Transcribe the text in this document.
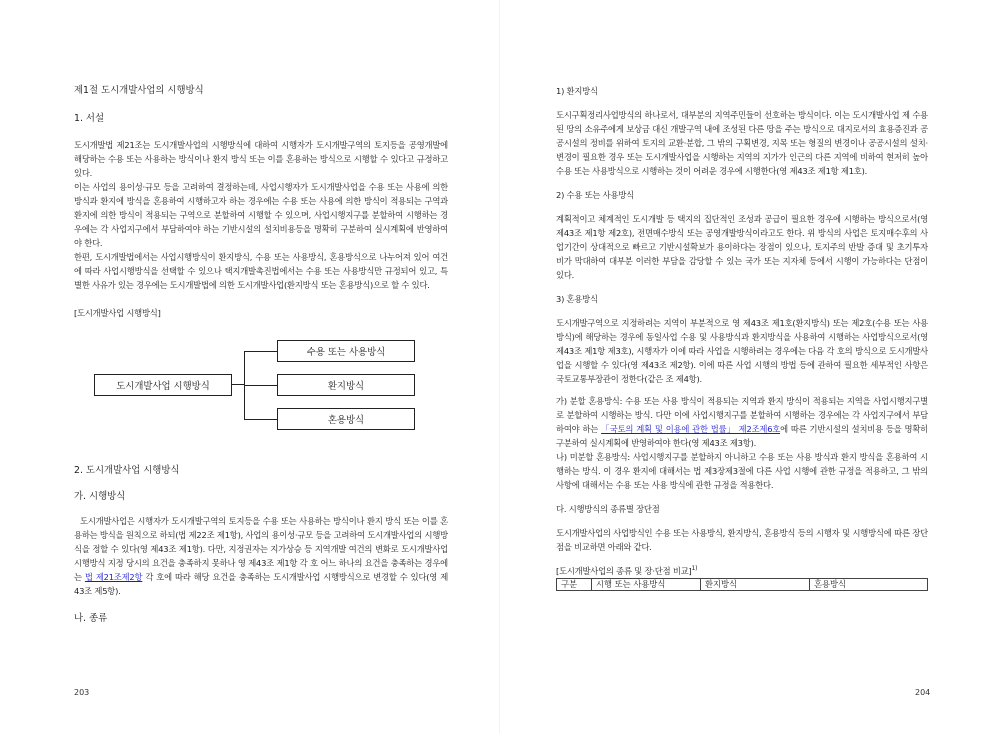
제1절 도시개발사업의 시행방식

1. 서설

도시개발법 제21조는 도시개발사업의 시행방식에 대하여 시행자가 도시개발구역의 토지등을 공영개발에 해당하는 수용 또는 사용하는 방식이나 환지 방식 또는 이를 혼용하는 방식으로 시행할 수 있다고 규정하고 있다.

이는 사업의 용이성·규모 등을 고려하여 결정하는데, 사업시행자가 도시개발사업을 수용 또는 사용에 의한 방식과 환지에 방식을 혼용하여 시행하고자 하는 경우에는 수용 또는 사용에 의한 방식이 적용되는 구역과 환지에 의한 방식이 적용되는 구역으로 분할하여 시행할 수 있으며, 사업시행지구를 분할하여 시행하는 경우에는 각 사업지구에서 부담하여야 하는 기반시설의 설치비용등을 명확히 구분하여 실시계획에 반영하여야 한다.

한편, 도시개발법에서는 사업시행방식이 환지방식, 수용 또는 사용방식, 혼용방식으로 나누어져 있어 여건에 따라 사업시행방식을 선택할 수 있으나 택지개발촉진법에서는 수용 또는 사용방식만 규정되어 있고, 특별한 사유가 있는 경우에는 도시개발법에 의한 도시개발사업(환지방식 또는 혼용방식)으로 할 수 있다.

[도시개발사업 시행방식]

도시개발사업 시행방식
수용 또는 사용방식
환지방식
혼용방식

2. 도시개발사업 시행방식

가. 시행방식

도시개발사업은 시행자가 도시개발구역의 토지등을 수용 또는 사용하는 방식이나 환지 방식 또는 이를 혼용하는 방식을 원칙으로 하되(법 제22조 제1항), 사업의 용이성·규모 등을 고려하여 도시개발사업의 시행방식을 정할 수 있다(영 제43조 제1항). 다만, 지정권자는 지가상승 등 지역개발 여건의 변화로 도시개발사업 시행방식 지정 당시의 요건을 충족하지 못하나 영 제43조 제1항 각 호 어느 하나의 요건을 충족하는 경우에는 법 제21조제2항 각 호에 따라 해당 요건을 충족하는 도시개발사업 시행방식으로 변경할 수 있다(영 제43조 제5항).

나. 종류

203

1) 환지방식

도시구획정리사업방식의 하나로서, 대부분의 지역주민들이 선호하는 방식이다. 이는 도시개발사업 제 수용된 땅의 소유주에게 보상금 대신 개발구역 내에 조성된 다른 땅을 주는 방식으로 대지로서의 효용증진과 공공시설의 정비를 위하여 토지의 교환·분합, 그 밖의 구획변경, 지목 또는 형질의 변경이나 공공시설의 설치·변경이 필요한 경우 또는 도시개발사업을 시행하는 지역의 지가가 인근의 다른 지역에 비하여 현저히 높아 수용 또는 사용방식으로 시행하는 것이 어려운 경우에 시행한다(영 제43조 제1항 제1호).

2) 수용 또는 사용방식

계획적이고 체계적인 도시개발 등 택지의 집단적인 조성과 공급이 필요한 경우에 시행하는 방식으로서(영 제43조 제1항 제2호), 전면매수방식 또는 공영개발방식이라고도 한다. 위 방식의 사업은 토지매수후의 사업기간이 상대적으로 빠르고 기반시설확보가 용이하다는 장점이 있으나, 토지주의 반발 증대 및 초기투자비가 막대하여 대부분 이러한 부담을 감당할 수 있는 국가 또는 지자체 등에서 시행이 가능하다는 단점이 있다.

3) 혼용방식

도시개발구역으로 지정하려는 지역이 부분적으로 영 제43조 제1호(환지방식) 또는 제2호(수용 또는 사용방식)에 해당하는 경우에 동일사업 수용 및 사용방식과 환지방식을 사용하여 시행하는 사업방식으로서(영 제43조 제1항 제3호), 시행자가 이에 따라 사업을 시행하려는 경우에는 다음 각 호의 방식으로 도시개발사업을 시행할 수 있다(영 제43조 제2항). 이에 따른 사업 시행의 방법 등에 관하여 필요한 세부적인 사항은 국토교통부장관이 정한다(같은 조 제4항).

가) 분할 혼용방식: 수용 또는 사용 방식이 적용되는 지역과 환지 방식이 적용되는 지역을 사업시행지구별로 분할하여 시행하는 방식. 다만 이에 사업시행지구를 분할하여 시행하는 경우에는 각 사업지구에서 부담하여야 하는 「국토의 계획 및 이용에 관한 법률」 제2조제6호에 따른 기반시설의 설치비용 등을 명확히 구분하여 실시계획에 반영하여야 한다(영 제43조 제3항).

나) 미분할 혼용방식: 사업시행지구를 분할하지 아니하고 수용 또는 사용 방식과 환지 방식을 혼용하여 시행하는 방식. 이 경우 환지에 대해서는 법 제3장제3절에 다른 사업 시행에 관한 규정을 적용하고, 그 밖의 사항에 대해서는 수용 또는 사용 방식에 관한 규정을 적용한다.

다. 시행방식의 종류별 장단점

도시개발사업의 사업방식인 수용 또는 사용방식, 환지방식, 혼용방식 등의 시행자 및 시행방식에 따른 장단점을 비교하면 아래와 같다.

[도시개발사업의 종류 및 장·단점 비교]$^{1)}$

구분	시행 또는 사용방식	환지방식	혼용방식
204
